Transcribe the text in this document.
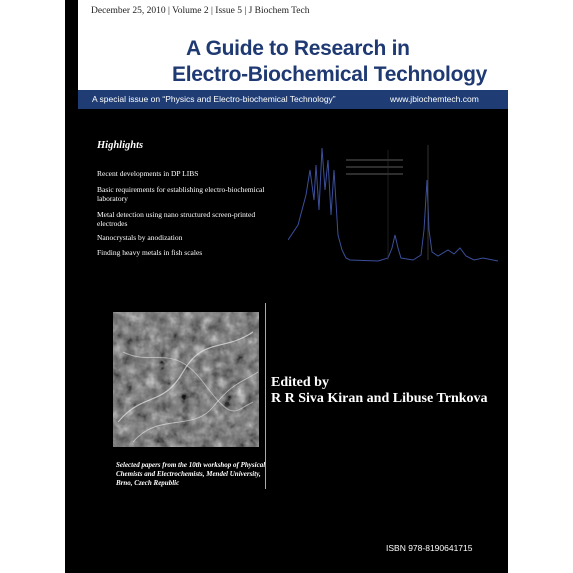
December 25, 2010 | Volume 2 | Issue 5 | J Biochem Tech
A Guide to Research in
Electro-Biochemical Technology
A special issue on “Physics and Electro-biochemical Technology”	www.jbiochemtech.com
Highlights
Recent developments in DP LIBS
Basic requirements for establishing electro-biochemical laboratory
Metal detection using nano structured screen-printed electrodes
Nanocrystals by anodization
Finding heavy metals in fish scales
Selected papers from the 10th workshop of Physical Chemists and Electrochemists, Mendel University, Brno, Czech Republic
Edited by
R R Siva Kiran and Libuse Trnkova
ISBN 978-8190641715
